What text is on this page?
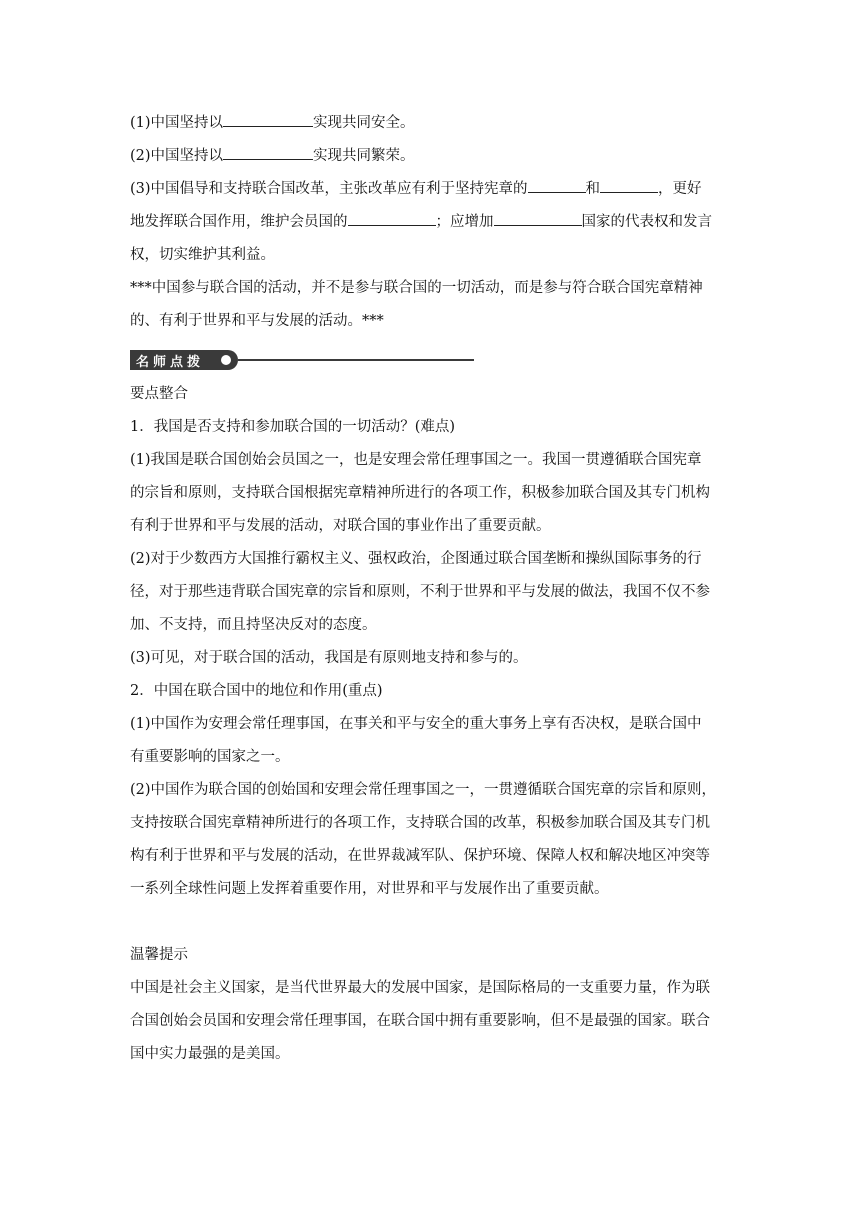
(1)中国坚持以	实现共同安全。

(2)中国坚持以	实现共同繁荣。

(3)中国倡导和支持联合国改革，主张改革应有利于坚持宪章的	和	，更好

地发挥联合国作用，维护会员国的	；应增加	国家的代表权和发言

权，切实维护其利益。

***中国参与联合国的活动，并不是参与联合国的一切活动，而是参与符合联合国宪章精神

的、有利于世界和平与发展的活动。***

名师点拨

要点整合

1．我国是否支持和参加联合国的一切活动？(难点)

(1)我国是联合国创始会员国之一，也是安理会常任理事国之一。我国一贯遵循联合国宪章

的宗旨和原则，支持联合国根据宪章精神所进行的各项工作，积极参加联合国及其专门机构

有利于世界和平与发展的活动，对联合国的事业作出了重要贡献。

(2)对于少数西方大国推行霸权主义、强权政治，企图通过联合国垄断和操纵国际事务的行

径，对于那些违背联合国宪章的宗旨和原则，不利于世界和平与发展的做法，我国不仅不参

加、不支持，而且持坚决反对的态度。

(3)可见，对于联合国的活动，我国是有原则地支持和参与的。

2．中国在联合国中的地位和作用(重点)

(1)中国作为安理会常任理事国，在事关和平与安全的重大事务上享有否决权，是联合国中

有重要影响的国家之一。

(2)中国作为联合国的创始国和安理会常任理事国之一，一贯遵循联合国宪章的宗旨和原则，

支持按联合国宪章精神所进行的各项工作，支持联合国的改革，积极参加联合国及其专门机

构有利于世界和平与发展的活动，在世界裁减军队、保护环境、保障人权和解决地区冲突等

一系列全球性问题上发挥着重要作用，对世界和平与发展作出了重要贡献。

温馨提示

中国是社会主义国家，是当代世界最大的发展中国家，是国际格局的一支重要力量，作为联

合国创始会员国和安理会常任理事国，在联合国中拥有重要影响，但不是最强的国家。联合

国中实力最强的是美国。
